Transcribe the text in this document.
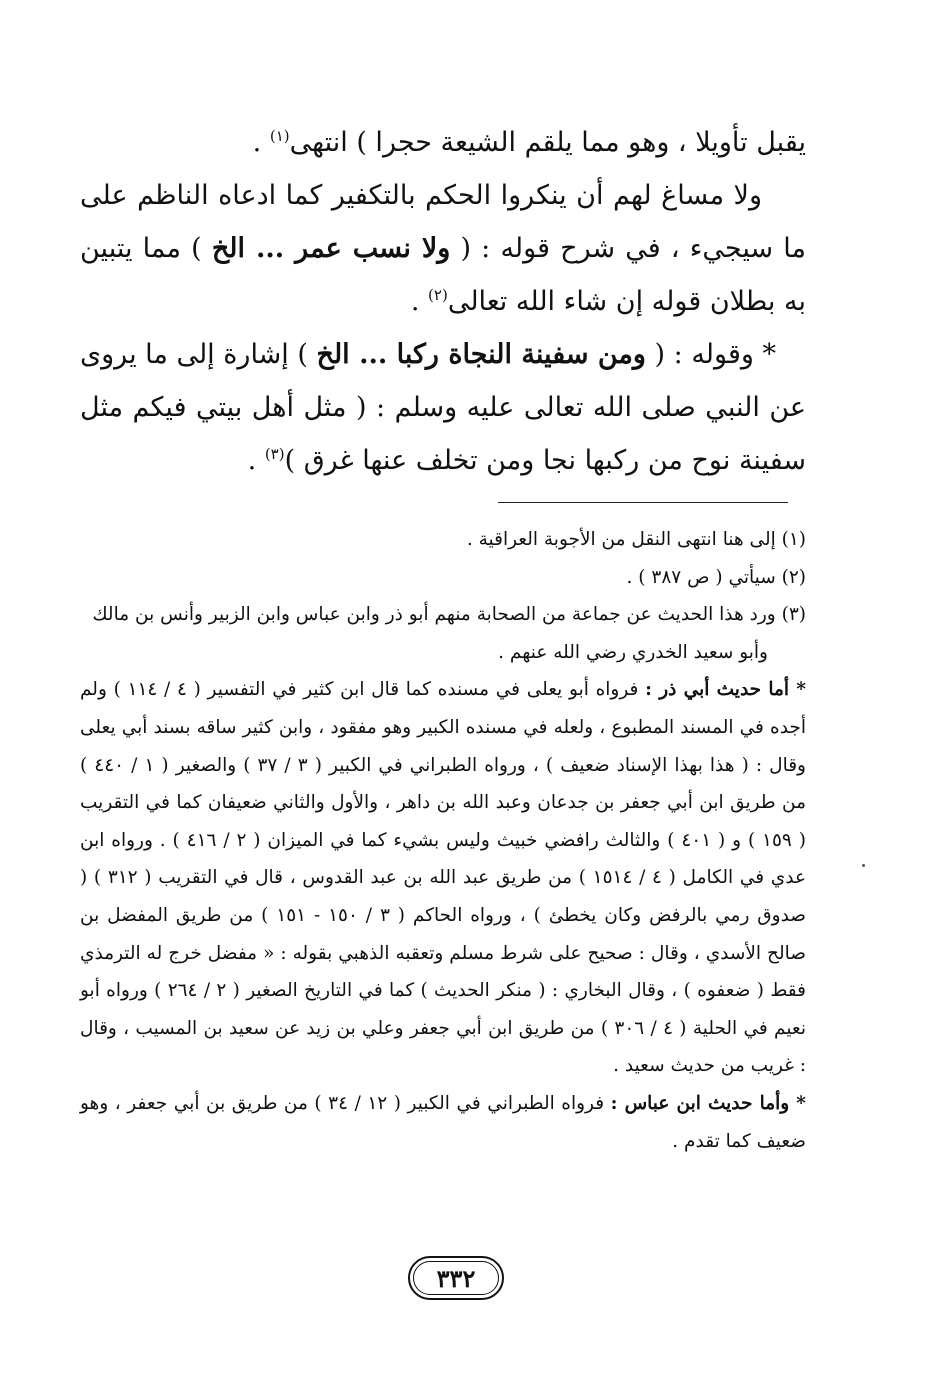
يقبل تأويلا ، وهو مما يلقم الشيعة حجرا ) انتهى$^{(١)}$ .

ولا مساغ لهم أن ينكروا الحكم بالتكفير كما ادعاه الناظم على ما سيجيء ، في شرح قوله : ( ولا نسب عمر ... الخ ) مما يتبين به بطلان قوله إن شاء الله تعالى$^{(٢)}$ .

* وقوله : ( ومن سفينة النجاة ركبا ... الخ ) إشارة إلى ما يروى عن النبي صلى الله تعالى عليه وسلم : ( مثل أهل بيتي فيكم مثل سفينة نوح من ركبها نجا ومن تخلف عنها غرق )$^{(٣)}$ .

(١) إلى هنا انتهى النقل من الأجوبة العراقية .

(٢) سيأتي ( ص ٣٨٧ ) .

(٣) ورد هذا الحديث عن جماعة من الصحابة منهم أبو ذر وابن عباس وابن الزبير وأنس بن مالك

وأبو سعيد الخدري رضي الله عنهم .

* أما حديث أبي ذر : فرواه أبو يعلى في مسنده كما قال ابن كثير في التفسير ( ٤ / ١١٤ ) ولم أجده في المسند المطبوع ، ولعله في مسنده الكبير وهو مفقود ، وابن كثير ساقه بسند أبي يعلى وقال : ( هذا بهذا الإسناد ضعيف ) ، ورواه الطبراني في الكبير ( ٣ / ٣٧ ) والصغير ( ١ / ٤٤٠ ) من طريق ابن أبي جعفر بن جدعان وعبد الله بن داهر ، والأول والثاني ضعيفان كما في التقريب ( ١٥٩ ) و ( ٤٠١ ) والثالث رافضي خبيث وليس بشيء كما في الميزان ( ٢ / ٤١٦ ) . ورواه ابن عدي في الكامل ( ٤ / ١٥١٤ ) من طريق عبد الله بن عبد القدوس ، قال في التقريب ( ٣١٢ ) ( صدوق رمي بالرفض وكان يخطئ ) ، ورواه الحاكم ( ٣ / ١٥٠ - ١٥١ ) من طريق المفضل بن صالح الأسدي ، وقال : صحيح على شرط مسلم وتعقبه الذهبي بقوله : « مفضل خرج له الترمذي فقط ( ضعفوه ) ، وقال البخاري : ( منكر الحديث ) كما في التاريخ الصغير ( ٢ / ٢٦٤ ) ورواه أبو نعيم في الحلية ( ٤ / ٣٠٦ ) من طريق ابن أبي جعفر وعلي بن زيد عن سعيد بن المسيب ، وقال : غريب من حديث سعيد .

* وأما حديث ابن عباس : فرواه الطبراني في الكبير ( ١٢ / ٣٤ ) من طريق بن أبي جعفر ، وهو ضعيف كما تقدم .

٣٣٢
